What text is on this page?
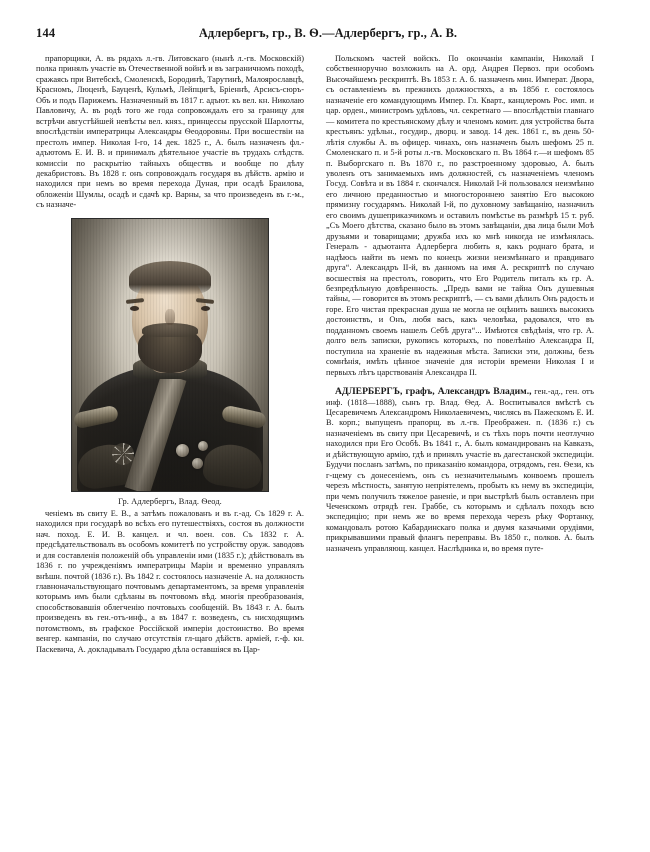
144	Адлербергъ, гр., В. Ѳ.—Адлербергъ, гр., А. В.

прапорщики, А. въ рядахъ л.-гв. Литовскаго (нынѣ л.-гв. Московскій) полка принялъ участіе въ Отечественной войнѣ и въ заграничномъ походѣ, сражаясь при Витебскѣ, Смоленскѣ, Бородинѣ, Тарутинѣ, Малоярославцѣ, Красномъ, Люценѣ, Бауценѣ, Кульмѣ, Лейпцигѣ, Бріеннѣ, Арсисъ-сюръ-Объ и подъ Парижемъ. Назначенный въ 1817 г. адъют. къ вел. кн. Николаю Павловичу, А. въ родѣ того же года сопровождалъ его за границу для встрѣчи августѣйшей невѣсты вел. княз., принцессы прусской Шарлотты, впослѣдствіи императрицы Александры Ѳеодоровны. При восшествіи на престолъ импер. Николая I-го, 14 дек. 1825 г., А. былъ назначенъ фл.-адъютомъ Е. И. В. и принималъ дѣятельное участіе въ трудахъ слѣдств. комиссіи по раскрытію тайныхъ обществъ и вообще по дѣлу декабристовъ. Въ 1828 г. онъ сопровождалъ государя въ дѣйств. армію и находился при немъ во время перехода Дуная, при осадѣ Браилова, обложеніи Шумлы, осадѣ и сдачѣ кр. Варны, за что произведенъ въ г.-м., съ назначе-

Гр. Адлербергъ, Влад. Ѳеод.

ченіемъ въ свиту Е. В., а затѣмъ пожалованъ и въ г.-ад. Съ 1829 г. А. находился при государѣ во всѣхъ его путешествіяхъ, состоя въ должности нач. поход. Е. И. В. канцел. и чл. воен. сов. Съ 1832 г. А. предсѣдательствовалъ въ особомъ комитетѣ по устройству оруж. заводовъ и для составленія положеній объ управленіи ими (1835 г.); дѣйствовалъ въ 1836 г. по учрежденіямъ императрицы Марiи и временно управлялъ внѣшн. почтой (1836 г.). Въ 1842 г. состоялось назначеніе А. на должность главноначальствующаго почтовымъ департаментомъ, за время управленія которымъ имъ были сдѣланы въ почтовомъ вѣд. многія преобразованія, способствовавшія облегченію почтовыхъ сообщеній. Въ 1843 г. А. былъ произведенъ въ ген.-отъ-инф., а въ 1847 г. возведенъ, съ нисходящимъ потомствомъ, въ графское Россійской имперіи достоинство. Во время венгер. кампаніи, по случаю отсутствія гл-щаго дѣйств. арміей, г.-ф. кн. Паскевича, А. докладывалъ Государю дѣла оставшіяся въ Цар-

Польскомъ частей войскъ. По окончаніи кампаніи, Николай I собственноручно возложилъ на А. орд. Андрея Первоз. при особомъ Высочайшемъ рескриптѣ. Въ 1853 г. А. б. назначенъ мин. Императ. Двора, съ оставленіемъ въ прежнихъ должностяхъ, а въ 1856 г. состоялось назначеніе его командующимъ Импер. Гл. Кварт., канцлеромъ Рос. имп. и цар. орден., министромъ удѣловъ, чл. секретнаго — впослѣдствіи главнаго — комитета по крестьянскому дѣлу и членомъ комит. для устройства быта крестьянъ: удѣльн., госудир., дворц. и завод. 14 дек. 1861 г., въ день 50-лѣтія службы А. въ офицер. чинахъ, онъ назначенъ былъ шефомъ 25 п. Смоленскаго п. и 5-й роты л.-гв. Московскаго п. Въ 1864 г.—и шефомъ 85 п. Выборгскаго п. Въ 1870 г., по разстроенному здоровью, А. былъ уволенъ отъ занимаемыхъ имъ должностей, съ назначеніемъ членомъ Госуд. Совѣта и въ 1884 г. скончался. Николай I-й пользовался неизмѣнно его личною преданностью и многостороннею занятію Его высокою прямизну государямъ. Николай I-й, по духовному завѣщанію, назначилъ его своимъ душеприказчикомъ и оставилъ помѣстье въ размѣрѣ 15 т. руб. „Съ Моего дѣтства, сказано было въ этомъ завѣщаніи, два лица были Моѣ друзьями и товарищами; дружба ихъ ко мнѣ никогда не измѣнялась. Генералъ - адъютанта Адлерберга любить я, какъ роднаго брата, и надѣюсь найти въ немъ по конецъ жизни неизмѣннаго и правдиваго друга“. Александръ II-й, въ данномъ на имя А. рескриптѣ по случаю восшествія на престолъ, говорить, что Его Родитель питалъ къ гр. А. безпредѣльную довѣренность. „Предъ вами не тайна Онъ душевныя тайны, — говорится въ этомъ рескриптѣ, — съ вами дѣлилъ Онъ радость и горе. Его чистая прекрасная душа не могла не оцѣнить вашихъ высокихъ достоинствъ, и Онъ, любя васъ, какъ человѣка, радовался, что въ подданномъ своемъ нашелъ Себѣ друга“... Имѣются свѣдѣнія, что гр. А. долго велъ записки, рукопись которыхъ, по повелѣнію Александра II, поступила на храненіе въ надежныя мѣста. Записки эти, должны, безъ сомнѣнія, имѣть цѣнное значеніе для исторіи времени Николая I и первыхъ лѣтъ царствованія Александра II.

АДЛЕРБЕРГЪ, графъ, Александръ Владим., ген.-ад., ген. отъ инф. (1818—1888), сынъ гр. Влад. Ѳед. А. Воспитывался вмѣстѣ съ Цесаревичемъ Александромъ Николаевичемъ, числясь въ Пажескомъ Е. И. В. корп.; выпущенъ прапорщ. въ л.-гв. Преображен. п. (1836 г.) съ назначеніемъ въ свиту при Цесаревичѣ, и съ тѣхъ поръ почти неотлучно находился при Его Особѣ. Въ 1841 г., А. былъ командированъ на Кавказъ, и дѣйствующую армію, гдѣ и принялъ участіе въ дагестанской экспедиціи. Будучи посланъ затѣмъ, по приказанію командора, отрядомъ, ген. Ѳези, къ г-щему съ донесеніемъ, онъ съ незначительнымъ конвоемъ прошелъ черезъ мѣстность, занятую непріятелемъ, пробыть къ нему въ экспедиціи, при чемъ получилъ тяжелое раненіе, и при выстрѣлѣ былъ оставленъ при Чеченскомъ отрядѣ ген. Граббе, съ которымъ и сдѣлалъ походъ всю экспедицію; при немъ же во время перехода черезъ рѣку Фортанку, командовалъ ротою Кабардинскаго полка и двумя казачьими орудіями, прикрывавшими правый флангъ переправы. Въ 1850 г., полков. А. былъ назначенъ управляющ. канцел. Наслѣдника и, во время путе-
